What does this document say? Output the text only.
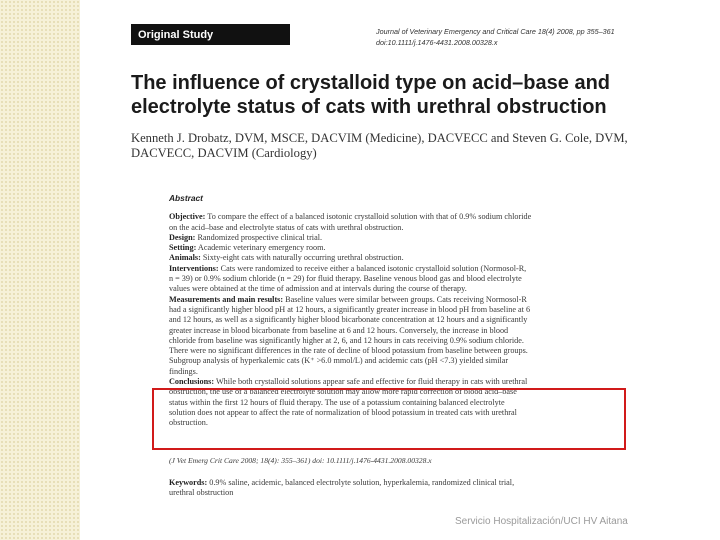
Original Study	Journal of Veterinary Emergency and Critical Care 18(4) 2008, pp 355–361
doi:10.1111/j.1476-4431.2008.00328.x
The influence of crystalloid type on acid–base and
electrolyte status of cats with urethral obstruction
Kenneth J. Drobatz, DVM, MSCE, DACVIM (Medicine), DACVECC and Steven G. Cole, DVM,
DACVECC, DACVIM (Cardiology)
Abstract
Objective: To compare the effect of a balanced isotonic crystalloid solution with that of 0.9% sodium chloride
on the acid–base and electrolyte status of cats with urethral obstruction.
Design: Randomized prospective clinical trial.
Setting: Academic veterinary emergency room.
Animals: Sixty-eight cats with naturally occurring urethral obstruction.
Interventions: Cats were randomized to receive either a balanced isotonic crystalloid solution (Normosol-R,
n = 39) or 0.9% sodium chloride (n = 29) for fluid therapy. Baseline venous blood gas and blood electrolyte
values were obtained at the time of admission and at intervals during the course of therapy.
Measurements and main results: Baseline values were similar between groups. Cats receiving Normosol-R
had a significantly higher blood pH at 12 hours, a significantly greater increase in blood pH from baseline at 6
and 12 hours, as well as a significantly higher blood bicarbonate concentration at 12 hours and a significantly
greater increase in blood bicarbonate from baseline at 6 and 12 hours. Conversely, the increase in blood
chloride from baseline was significantly higher at 2, 6, and 12 hours in cats receiving 0.9% sodium chloride.
There were no significant differences in the rate of decline of blood potassium from baseline between groups.
Subgroup analysis of hyperkalemic cats (K⁺ >6.0 mmol/L) and acidemic cats (pH <7.3) yielded similar
findings.
Conclusions: While both crystalloid solutions appear safe and effective for fluid therapy in cats with urethral
obstruction, the use of a balanced electrolyte solution may allow more rapid correction of blood acid–base
status within the first 12 hours of fluid therapy. The use of a potassium containing balanced electrolyte
solution does not appear to affect the rate of normalization of blood potassium in treated cats with urethral
obstruction.
(J Vet Emerg Crit Care 2008; 18(4): 355–361) doi: 10.1111/j.1476-4431.2008.00328.x
Keywords: 0.9% saline, acidemic, balanced electrolyte solution, hyperkalemia, randomized clinical trial,
urethral obstruction
Servicio Hospitalización/UCI HV Aitana
